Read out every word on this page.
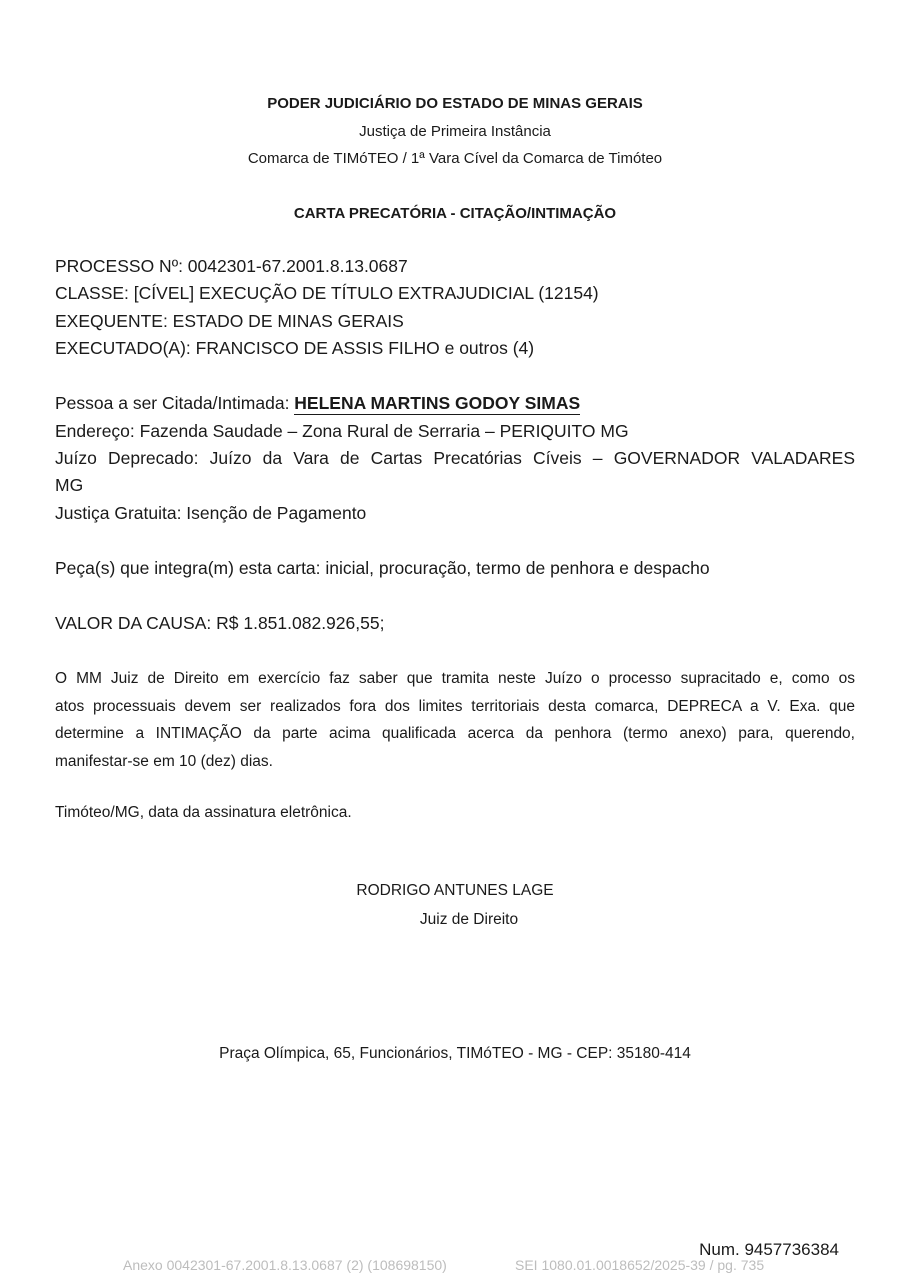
PODER JUDICIÁRIO DO ESTADO DE MINAS GERAIS
Justiça de Primeira Instância
Comarca de TIMóTEO / 1ª Vara Cível da Comarca de Timóteo
CARTA PRECATÓRIA - CITAÇÃO/INTIMAÇÃO
PROCESSO Nº: 0042301-67.2001.8.13.0687
CLASSE: [CÍVEL] EXECUÇÃO DE TÍTULO EXTRAJUDICIAL (12154)
EXEQUENTE: ESTADO DE MINAS GERAIS
EXECUTADO(A): FRANCISCO DE ASSIS FILHO e outros (4)
Pessoa a ser Citada/Intimada: HELENA MARTINS GODOY SIMAS
Endereço: Fazenda Saudade – Zona Rural de Serraria – PERIQUITO MG
Juízo Deprecado: Juízo da Vara de Cartas Precatórias Cíveis – GOVERNADOR VALADARES
MG
Justiça Gratuita: Isenção de Pagamento
Peça(s) que integra(m) esta carta: inicial, procuração, termo de penhora e despacho
VALOR DA CAUSA: R$ 1.851.082.926,55;
O MM Juiz de Direito em exercício faz saber que tramita neste Juízo o processo supracitado e, como os
atos processuais devem ser realizados fora dos limites territoriais desta comarca, DEPRECA a V. Exa. que
determine a INTIMAÇÃO da parte acima qualificada acerca da penhora (termo anexo) para, querendo,
manifestar-se em 10 (dez) dias.
Timóteo/MG, data da assinatura eletrônica.
RODRIGO ANTUNES LAGE
Juiz de Direito
Praça Olímpica, 65, Funcionários, TIMóTEO - MG - CEP: 35180-414
Num. 9457736384
Anexo 0042301-67.2001.8.13.0687 (2) (108698150)	SEI 1080.01.0018652/2025-39 / pg. 735
